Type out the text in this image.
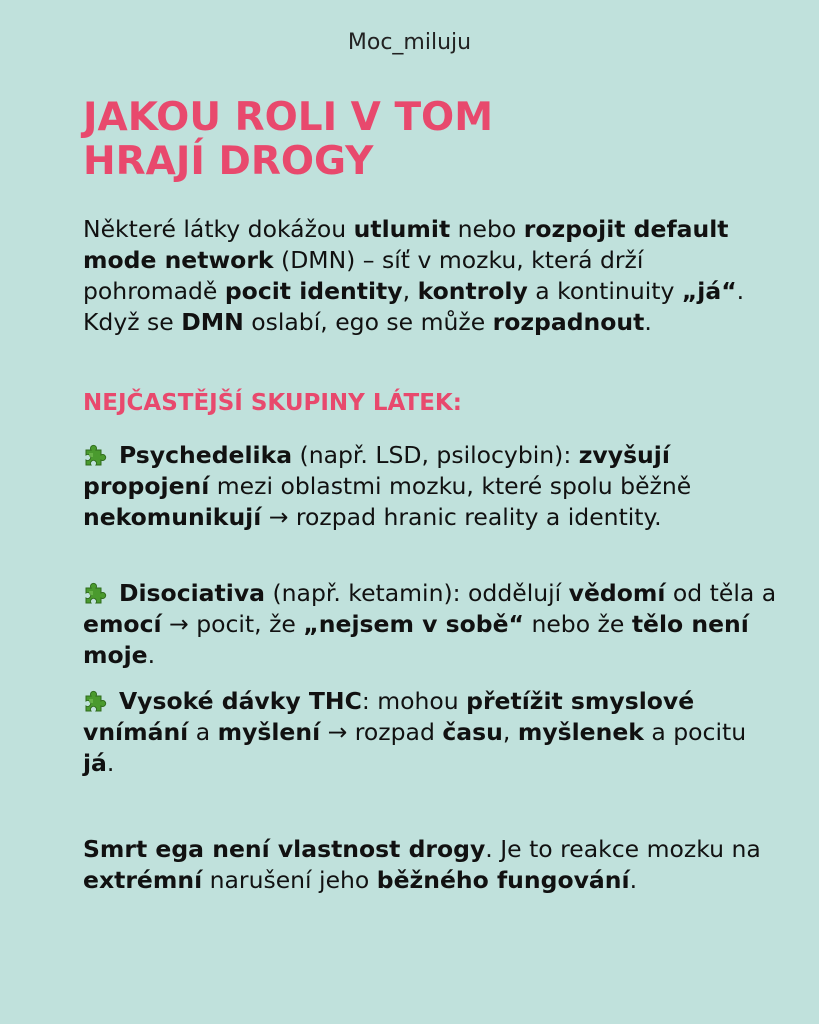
Moc_miluju
JAKOU ROLI V TOM
HRAJÍ DROGY

Některé látky dokážou utlumit nebo rozpojit default mode network (DMN) – síť v mozku, která drží pohromadě pocit identity, kontroly a kontinuity „já“. Když se DMN oslabí, ego se může rozpadnout.

NEJČASTĚJŠÍ SKUPINY LÁTEK:

Psychedelika (např. LSD, psilocybin): zvyšují propojení mezi oblastmi mozku, které spolu běžně nekomunikují → rozpad hranic reality a identity.

Disociativa (např. ketamin): oddělují vědomí od těla a emocí → pocit, že „nejsem v sobě“ nebo že tělo není moje.

Vysoké dávky THC: mohou přetížit smyslové vnímání a myšlení → rozpad času, myšlenek a pocitu já.

Smrt ega není vlastnost drogy. Je to reakce mozku na extrémní narušení jeho běžného fungování.
